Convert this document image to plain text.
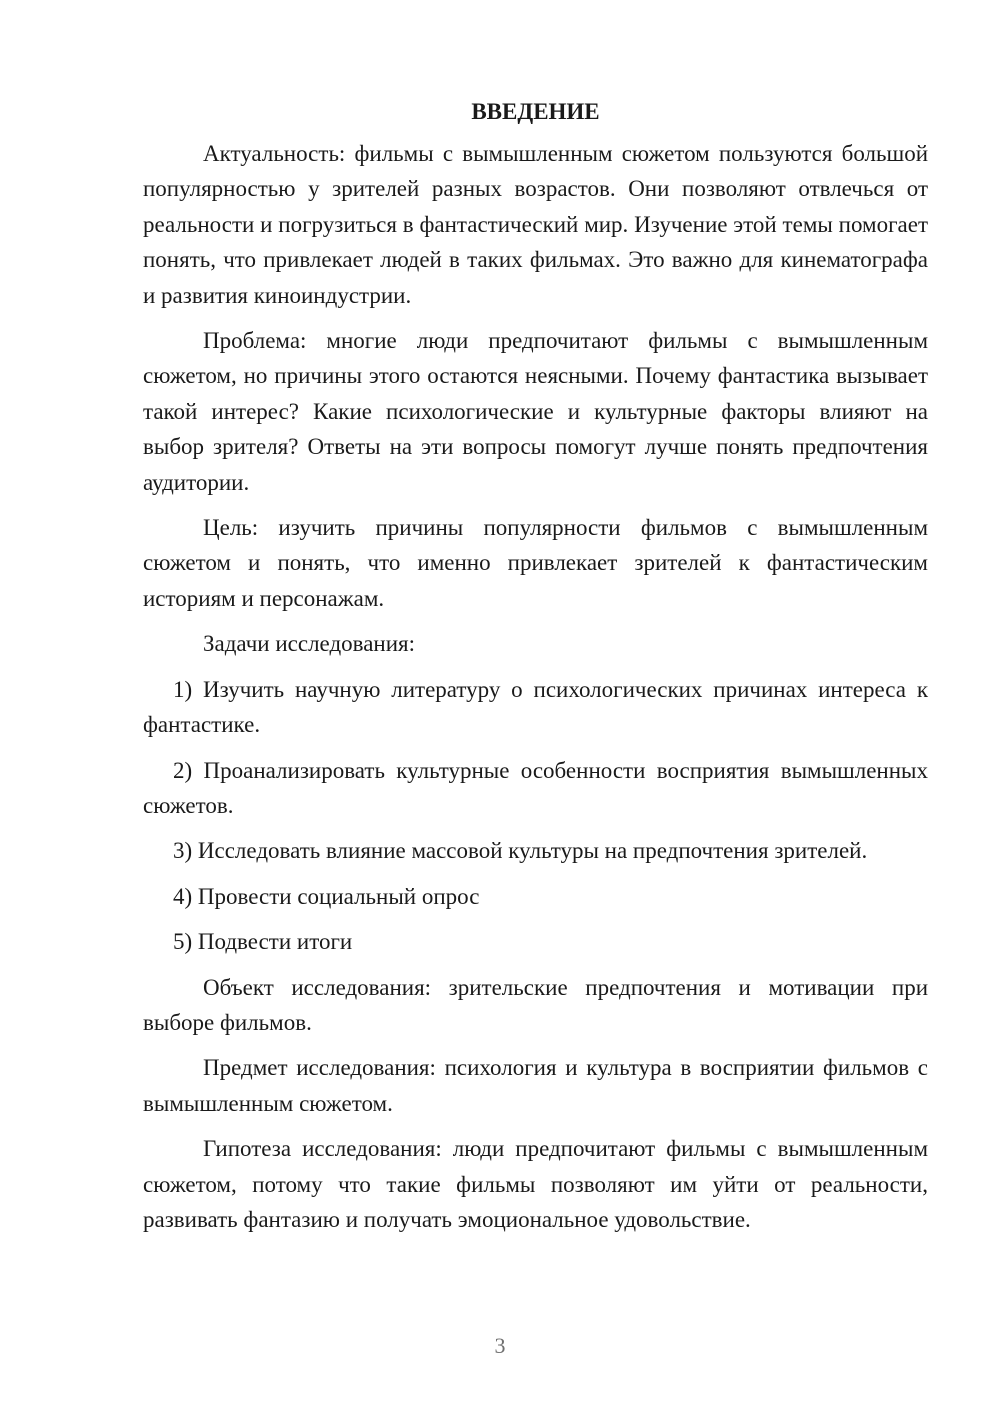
ВВЕДЕНИЕ

Актуальность: фильмы с вымышленным сюжетом пользуются большой популярностью у зрителей разных возрастов. Они позволяют отвлечься от реальности и погрузиться в фантастический мир. Изучение этой темы помогает понять, что привлекает людей в таких фильмах. Это важно для кинематографа и развития киноиндустрии.

Проблема: многие люди предпочитают фильмы с вымышленным сюжетом, но причины этого остаются неясными. Почему фантастика вызывает такой интерес? Какие психологические и культурные факторы влияют на выбор зрителя? Ответы на эти вопросы помогут лучше понять предпочтения аудитории.

Цель: изучить причины популярности фильмов с вымышленным сюжетом и понять, что именно привлекает зрителей к фантастическим историям и персонажам.

Задачи исследования:

1) Изучить научную литературу о психологических причинах интереса к фантастике.

2) Проанализировать культурные особенности восприятия вымышленных сюжетов.

3) Исследовать влияние массовой культуры на предпочтения зрителей.

4) Провести социальный опрос

5) Подвести итоги

Объект исследования: зрительские предпочтения и мотивации при выборе фильмов.

Предмет исследования: психология и культура в восприятии фильмов с вымышленным сюжетом.

Гипотеза исследования: люди предпочитают фильмы с вымышленным сюжетом, потому что такие фильмы позволяют им уйти от реальности, развивать фантазию и получать эмоциональное удовольствие.

3
